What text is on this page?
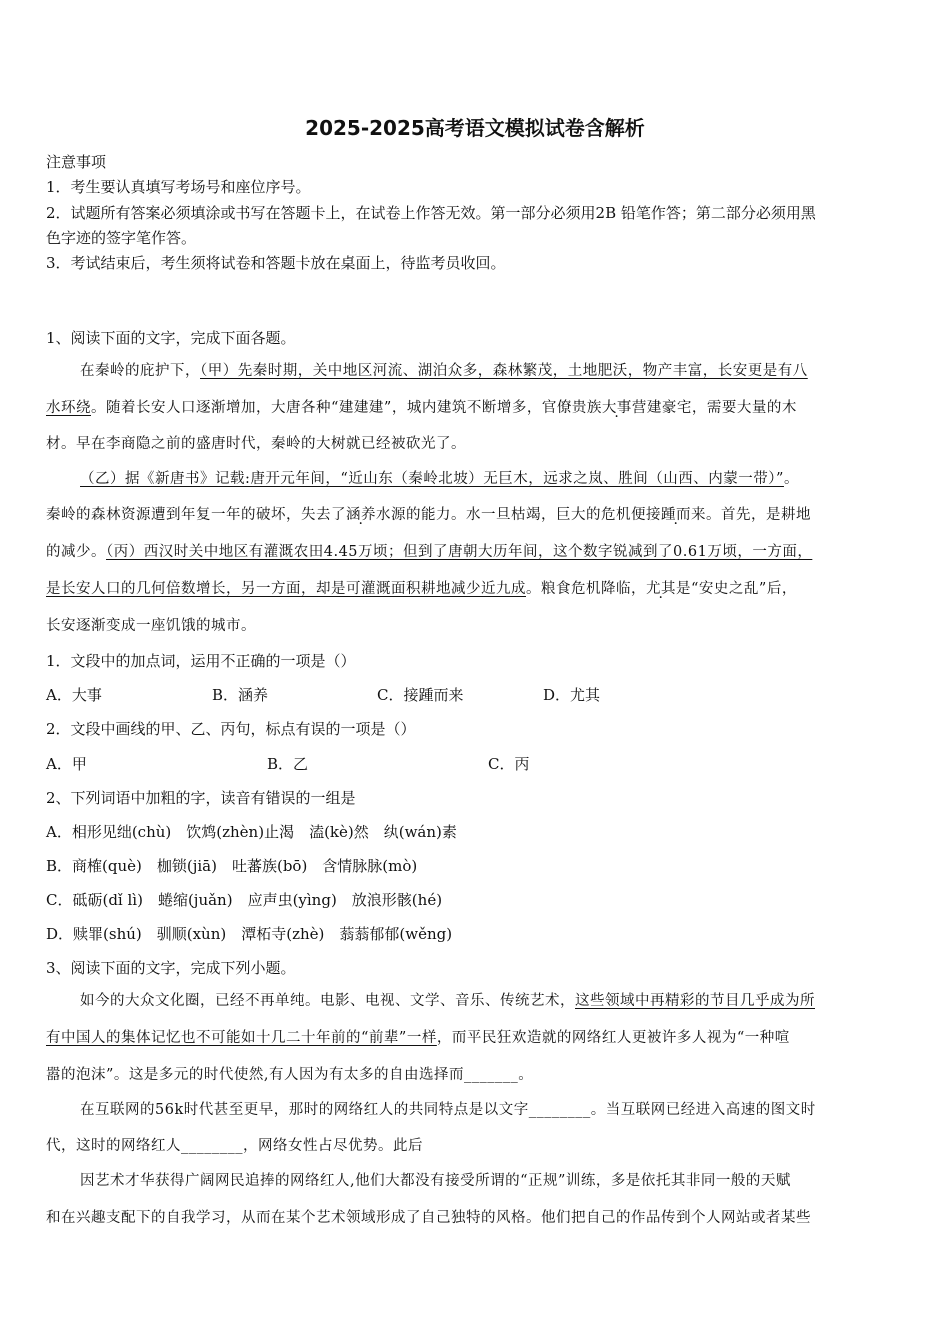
2025-2025高考语文模拟试卷含解析
注意事项
1．考生要认真填写考场号和座位序号。
2．试题所有答案必须填涂或书写在答题卡上，在试卷上作答无效。第一部分必须用2B 铅笔作答；第二部分必须用黑
色字迹的签字笔作答。
3．考试结束后，考生须将试卷和答题卡放在桌面上，待监考员收回。
1、阅读下面的文字，完成下面各题。
在秦岭的庇护下，（甲）先秦时期，关中地区河流、湖泊众多，森林繁茂，土地肥沃，物产丰富，长安更是有八
水环绕。随着长安人口逐渐增加，大唐各种“建建建”，城内建筑不断增多，官僚贵族大事营建豪宅，需要大量的木
材。早在李商隐之前的盛唐时代，秦岭的大树就已经被砍光了。
（乙）据《新唐书》记载:唐开元年间，“近山东（秦岭北坡）无巨木，远求之岚、胜间（山西、内蒙一带）”。
秦岭的森林资源遭到年复一年的破坏，失去了涵养水源的能力。水一旦枯竭，巨大的危机便接踵而来。首先，是耕地
的减少。（丙）西汉时关中地区有灌溉农田4.45万顷；但到了唐朝大历年间，这个数字锐减到了0.61万顷，一方面，
是长安人口的几何倍数增长，另一方面，却是可灌溉面积耕地减少近九成。粮食危机降临，尤其是“安史之乱”后，
长安逐渐变成一座饥饿的城市。
1．文段中的加点词，运用不正确的一项是（）
A．大事	B．涵养	C．接踵而来	D．尤其
2．文段中画线的甲、乙、丙句，标点有误的一项是（）
A．甲	B．乙	C．丙
2、下列词语中加粗的字，读音有错误的一组是
A．相形见绌(chù)　饮鸩(zhèn)止渴　溘(kè)然　纨(wán)素
B．商榷(què)　枷锁(jiā)　吐蕃族(bō)　含情脉脉(mò)
C．砥砺(dǐ lì)　蜷缩(juǎn)　应声虫(yìng)　放浪形骸(hé)
D．赎罪(shú)　驯顺(xùn)　潭柘寺(zhè)　蓊蓊郁郁(wěng)
3、阅读下面的文字，完成下列小题。
如今的大众文化圈，已经不再单纯。电影、电视、文学、音乐、传统艺术，这些领域中再精彩的节目几乎成为所
有中国人的集体记忆也不可能如十几二十年前的“前辈”一样，而平民狂欢造就的网络红人更被许多人视为“一种喧
嚣的泡沫”。这是多元的时代使然,有人因为有太多的自由选择而_______。
在互联网的56k时代甚至更早，那时的网络红人的共同特点是以文字________。当互联网已经进入高速的图文时
代，这时的网络红人________，网络女性占尽优势。此后
因艺术才华获得广阔网民追捧的网络红人,他们大都没有接受所谓的“正规”训练，多是依托其非同一般的天赋
和在兴趣支配下的自我学习，从而在某个艺术领域形成了自己独特的风格。他们把自己的作品传到个人网站或者某些
